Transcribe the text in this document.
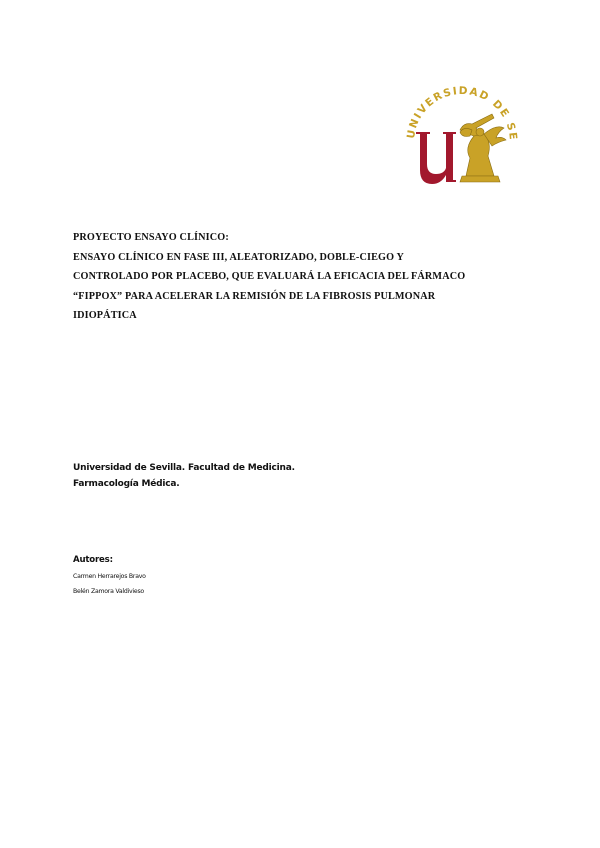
UNIVERSIDAD DE SE
PROYECTO ENSAYO CLÍNICO:
ENSAYO CLÍNICO EN FASE III, ALEATORIZADO, DOBLE-CIEGO Y
CONTROLADO POR PLACEBO, QUE EVALUARÁ LA EFICACIA DEL FÁRMACO
“FIPPOX” PARA ACELERAR LA REMISIÓN DE LA FIBROSIS PULMONAR
IDIOPÁTICA
Universidad de Sevilla. Facultad de Medicina.
Farmacología Médica.
Autores:
Carmen Herrarejos Bravo
Belén Zamora Valdivieso
